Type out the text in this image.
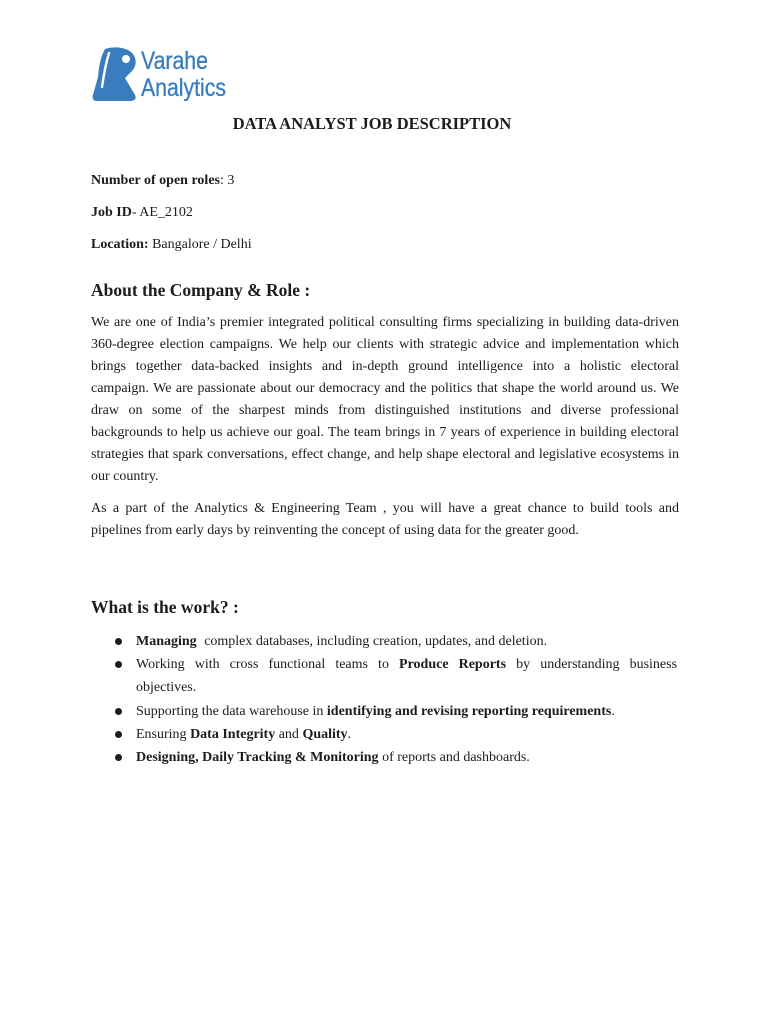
Varahe
Analytics
DATA ANALYST JOB DESCRIPTION
Number of open roles: 3
Job ID- AE_2102
Location: Bangalore / Delhi
About the Company & Role :
We are one of India’s premier integrated political consulting firms specializing in building data-driven
360-degree election campaigns. We help our clients with strategic advice and implementation which
brings together data-backed insights and in-depth ground intelligence into a holistic electoral
campaign. We are passionate about our democracy and the politics that shape the world around us. We
draw on some of the sharpest minds from distinguished institutions and diverse professional
backgrounds to help us achieve our goal. The team brings in 7 years of experience in building electoral
strategies that spark conversations, effect change, and help shape electoral and legislative ecosystems in
our country.
As a part of the Analytics & Engineering Team , you will have a great chance to build tools and
pipelines from early days by reinventing the concept of using data for the greater good.
What is the work? :
Managing complex databases, including creation, updates, and deletion.
Working with cross functional teams to Produce Reports by understanding business
objectives.
Supporting the data warehouse in identifying and revising reporting requirements.
Ensuring Data Integrity and Quality.
Designing, Daily Tracking & Monitoring of reports and dashboards.
